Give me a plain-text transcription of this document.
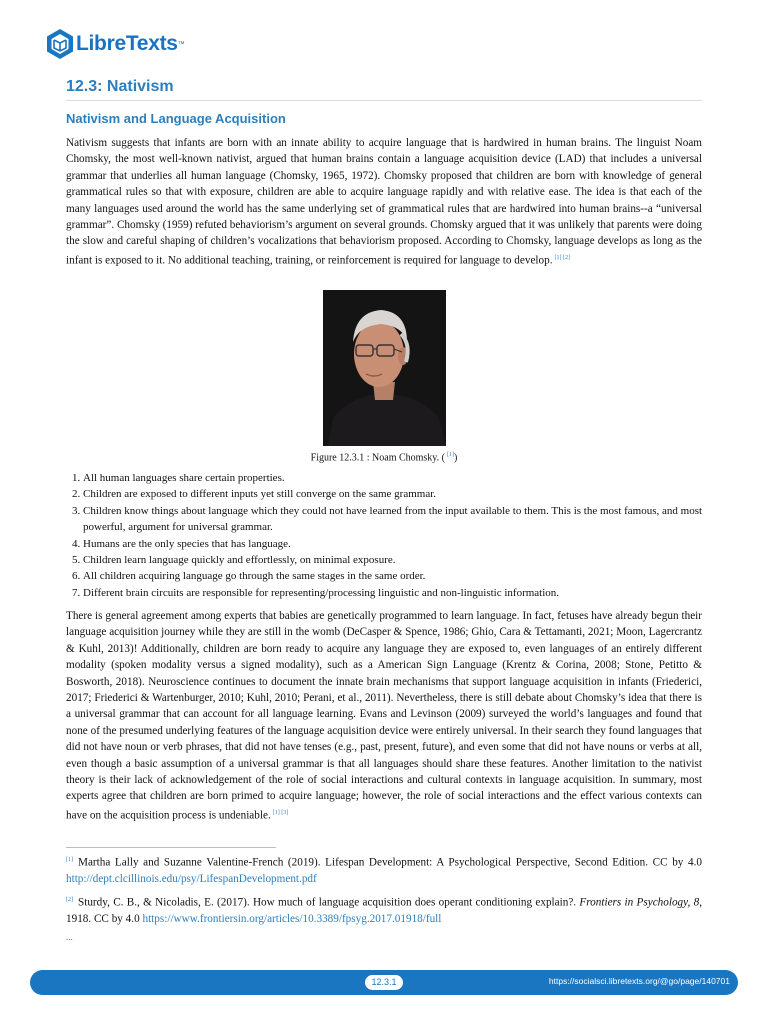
LibreTexts ™
12.3: Nativism
Nativism and Language Acquisition

Nativism suggests that infants are born with an innate ability to acquire language that is hardwired in human brains. The linguist Noam Chomsky, the most well-known nativist, argued that human brains contain a language acquisition device (LAD) that includes a universal grammar that underlies all human language (Chomsky, 1965, 1972). Chomsky proposed that children are born with knowledge of general grammatical rules so that with exposure, children are able to acquire language rapidly and with relative ease. The idea is that each of the many languages used around the world has the same underlying set of grammatical rules that are hardwired into human brains--a “universal grammar”. Chomsky (1959) refuted behaviorism’s argument on several grounds. Chomsky argued that it was unlikely that parents were doing the slow and careful shaping of children’s vocalizations that behaviorism proposed. According to Chomsky, language develops as long as the infant is exposed to it. No additional teaching, training, or reinforcement is required for language to develop. [1] [2]

Figure 12.3.1 : Noam Chomsky. ( [1])
1. All human languages share certain properties.
2. Children are exposed to different inputs yet still converge on the same grammar.
3. Children know things about language which they could not have learned from the input available to them. This is the most famous, and most powerful, argument for universal grammar.
4. Humans are the only species that has language.
5. Children learn language quickly and effortlessly, on minimal exposure.
6. All children acquiring language go through the same stages in the same order.
7. Different brain circuits are responsible for representing/processing linguistic and non-linguistic information.

There is general agreement among experts that babies are genetically programmed to learn language. In fact, fetuses have already begun their language acquisition journey while they are still in the womb (DeCasper & Spence, 1986; Ghio, Cara & Tettamanti, 2021; Moon, Lagercrantz & Kuhl, 2013)! Additionally, children are born ready to acquire any language they are exposed to, even languages of an entirely different modality (spoken modality versus a signed modality), such as a American Sign Language (Krentz & Corina, 2008; Stone, Petitto & Bosworth, 2018). Neuroscience continues to document the innate brain mechanisms that support language acquisition in infants (Friederici, 2017; Friederici & Wartenburger, 2010; Kuhl, 2010; Perani, et al., 2011). Nevertheless, there is still debate about Chomsky’s idea that there is a universal grammar that can account for all language learning. Evans and Levinson (2009) surveyed the world’s languages and found that none of the presumed underlying features of the language acquisition device were entirely universal. In their search they found languages that did not have noun or verb phrases, that did not have tenses (e.g., past, present, future), and even some that did not have nouns or verbs at all, even though a basic assumption of a universal grammar is that all languages should share these features. Another limitation to the nativist theory is their lack of acknowledgement of the role of social interactions and cultural contexts in language acquisition. In summary, most experts agree that children are born primed to acquire language; however, the role of social interactions and the effect various contexts can have on the acquisition process is undeniable. [1] [3]

[1] Martha Lally and Suzanne Valentine-French (2019). Lifespan Development: A Psychological Perspective, Second Edition. CC by 4.0 http://dept.clcillinois.edu/psy/LifespanDevelopment.pdf

[2] Sturdy, C. B., & Nicoladis, E. (2017). How much of language acquisition does operant conditioning explain?. Frontiers in Psychology, 8, 1918. CC by 4.0 https://www.frontiersin.org/articles/10.3389/fpsyg.2017.01918/full

...
12.3.1	https://socialsci.libretexts.org/@go/page/140701
